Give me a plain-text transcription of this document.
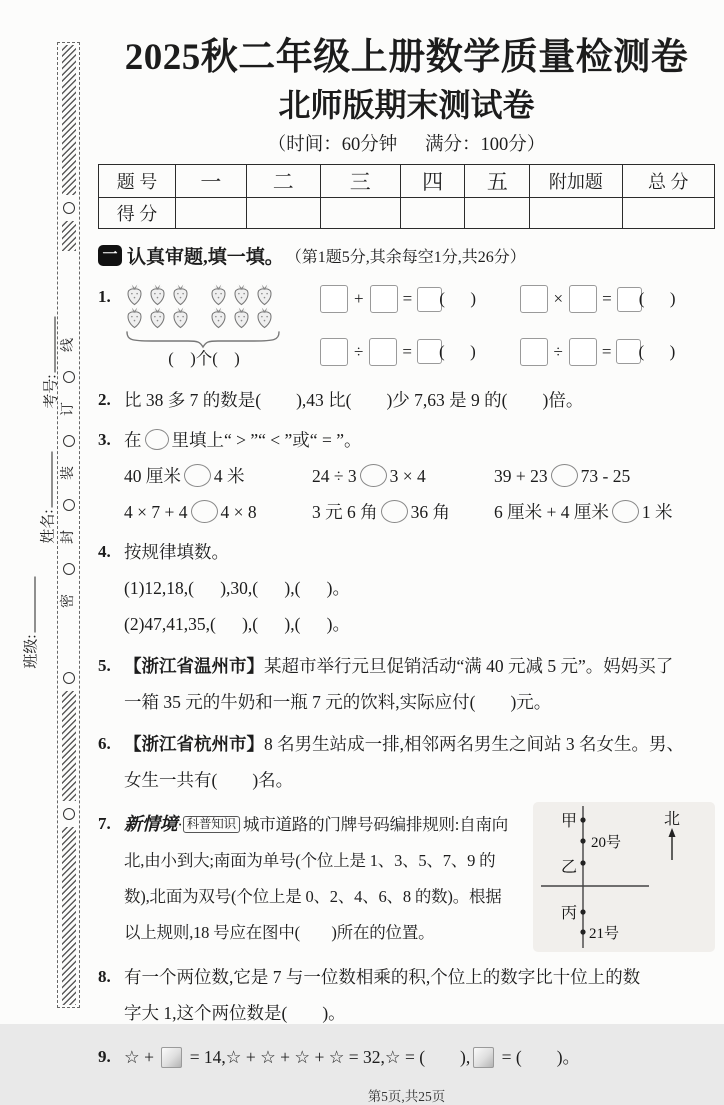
线
订
装
封
密
考号:
姓名:
班级:
2025秋二年级上册数学质量检测卷
北师版期末测试卷
（时间：60分钟      满分：100分）
题 号	一	二	三	四	五	附加题	总 分
得 分							
一 认真审题,填一填。 （第1题5分,其余每空1分,共26分）
1.
(    )个(    )
+ = (      )	× = (      )
÷ = (      )	÷ = (      )
2. 比 38 多 7 的数是(        ),43 比(        )少 7,63 是 9 的(        )倍。
3. 在 里填上“ > ”“ < ”或“ = ”。
40 厘米 4 米	24 ÷ 3 3 × 4	39 + 23 73 - 25
4 × 7 + 4 4 × 8	3 元 6 角 36 角	6 厘米 + 4 厘米 1 米
4. 按规律填数。
(1)12,18,(      ),30,(      ),(      )。
(2)47,41,35,(      ),(      ),(      )。
5. 【浙江省温州市】某超市举行元旦促销活动“满 40 元减 5 元”。妈妈买了
一箱 35 元的牛奶和一瓶 7 元的饮料,实际应付(        )元。
6. 【浙江省杭州市】8 名男生站成一排,相邻两名男生之间站 3 名女生。男、
女生一共有(        )名。
7. 新情境· 科普知识 城市道路的门牌号码编排规则:自南向
北,由小到大;南面为单号(个位上是 1、3、5、7、9 的
数),北面为双号(个位上是 0、2、4、6、8 的数)。根据
以上规则,18 号应在图中(        )所在的位置。
甲
20号
乙
丙
21号
北
8. 有一个两位数,它是 7 与一位数相乘的积,个位上的数字比十位上的数
字大 1,这个两位数是(        )。
9. ☆ + = 14,☆ + ☆ + ☆ + ☆ = 32,☆ = (        ), = (        )。
第5页,共25页
